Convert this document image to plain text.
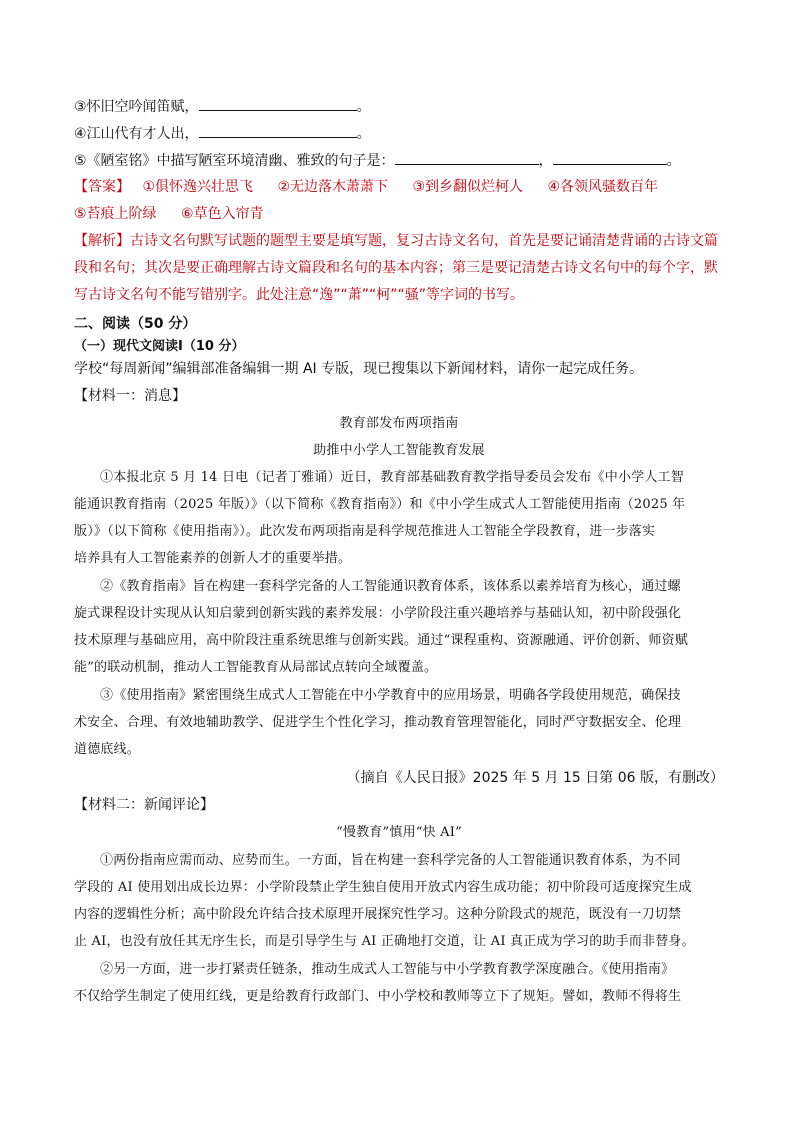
③怀旧空吟闻笛赋，	。
④江山代有才人出，	。
⑤《陋室铭》中描写陋室环境清幽、雅致的句子是：	，	。
【答案】 ①俱怀逸兴壮思飞 ②无边落木萧萧下 ③到乡翻似烂柯人 ④各领风骚数百年
⑤苔痕上阶绿 ⑥草色入帘青
【解析】古诗文名句默写试题的题型主要是填写题，复习古诗文名句，首先是要记诵清楚背诵的古诗文篇
段和名句；其次是要正确理解古诗文篇段和名句的基本内容；第三是要记清楚古诗文名句中的每个字，默
写古诗文名句不能写错别字。此处注意“逸”“萧”“柯”“骚”等字词的书写。
二、阅读（50 分）
（一）现代文阅读Ⅰ（10 分）
学校“每周新闻”编辑部准备编辑一期 AI 专版，现已搜集以下新闻材料，请你一起完成任务。
【材料一：消息】
教育部发布两项指南
助推中小学人工智能教育发展
①本报北京 5 月 14 日电（记者丁雅诵）近日，教育部基础教育教学指导委员会发布《中小学人工智
能通识教育指南（2025 年版）》（以下简称《教育指南》）和《中小学生成式人工智能使用指南（2025 年
版）》（以下简称《使用指南》）。此次发布两项指南是科学规范推进人工智能全学段教育，进一步落实
培养具有人工智能素养的创新人才的重要举措。
②《教育指南》旨在构建一套科学完备的人工智能通识教育体系，该体系以素养培育为核心，通过螺
旋式课程设计实现从认知启蒙到创新实践的素养发展：小学阶段注重兴趣培养与基础认知，初中阶段强化
技术原理与基础应用，高中阶段注重系统思维与创新实践。通过“课程重构、资源融通、评价创新、师资赋
能”的联动机制，推动人工智能教育从局部试点转向全域覆盖。
③《使用指南》紧密围绕生成式人工智能在中小学教育中的应用场景，明确各学段使用规范，确保技
术安全、合理、有效地辅助教学、促进学生个性化学习，推动教育管理智能化，同时严守数据安全、伦理
道德底线。
（摘自《人民日报》2025 年 5 月 15 日第 06 版，有删改）
【材料二：新闻评论】
“慢教育”慎用“快 AI”
①两份指南应需而动、应势而生。一方面，旨在构建一套科学完备的人工智能通识教育体系，为不同
学段的 AI 使用划出成长边界：小学阶段禁止学生独自使用开放式内容生成功能；初中阶段可适度探究生成
内容的逻辑性分析；高中阶段允许结合技术原理开展探究性学习。这种分阶段式的规范，既没有一刀切禁
止 AI，也没有放任其无序生长，而是引导学生与 AI 正确地打交道，让 AI 真正成为学习的助手而非替身。
②另一方面，进一步打紧责任链条，推动生成式人工智能与中小学教育教学深度融合。《使用指南》
不仅给学生制定了使用红线，更是给教育行政部门、中小学校和教师等立下了规矩。譬如，教师不得将生
